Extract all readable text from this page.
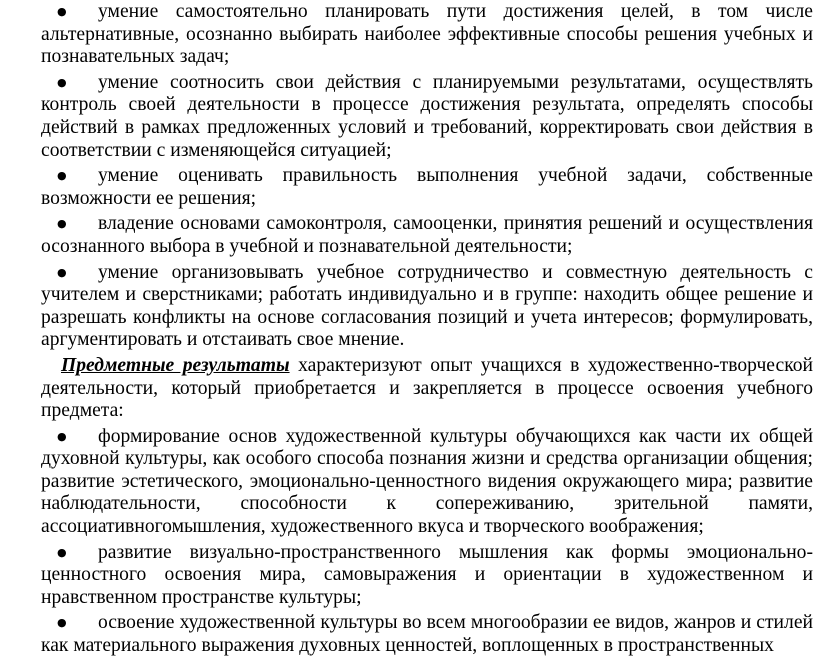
● умение самостоятельно планировать пути достижения целей, в том числе альтернативные, осознанно выбирать наиболее эффективные способы решения учебных и познавательных задач;

● умение соотносить свои действия с планируемыми результатами, осуществлять контроль своей деятельности в процессе достижения результата, определять способы действий в рамках предложенных условий и требований, корректировать свои действия в соответствии с изменяющейся ситуацией;

● умение оценивать правильность выполнения учебной задачи, собственные возможности ее решения;

● владение основами самоконтроля, самооценки, принятия решений и осуществления осознанного выбора в учебной и познавательной деятельности;

● умение организовывать учебное сотрудничество и совместную деятельность с учителем и сверстниками; работать индивидуально и в группе: находить общее решение и разрешать конфликты на основе согласования позиций и учета интересов; формулировать, аргументировать и отстаивать свое мнение.

Предметные результаты характеризуют опыт учащихся в художественно-творческой деятельности, который приобретается и закрепляется в процессе освоения учебного предмета:

● формирование основ художественной культуры обучающихся как части их общей духовной культуры, как особого способа познания жизни и средства организации общения; развитие эстетического, эмоционально-ценностного видения окружающего мира; развитие наблюдательности, способности к сопереживанию, зрительной памяти, ассоциативногомышления, художественного вкуса и творческого воображения;

● развитие визуально-пространственного мышления как формы эмоционально-ценностного освоения мира, самовыражения и ориентации в художественном и нравственном пространстве культуры;

● освоение художественной культуры во всем многообразии ее видов, жанров и стилей как материального выражения духовных ценностей, воплощенных в пространственных
